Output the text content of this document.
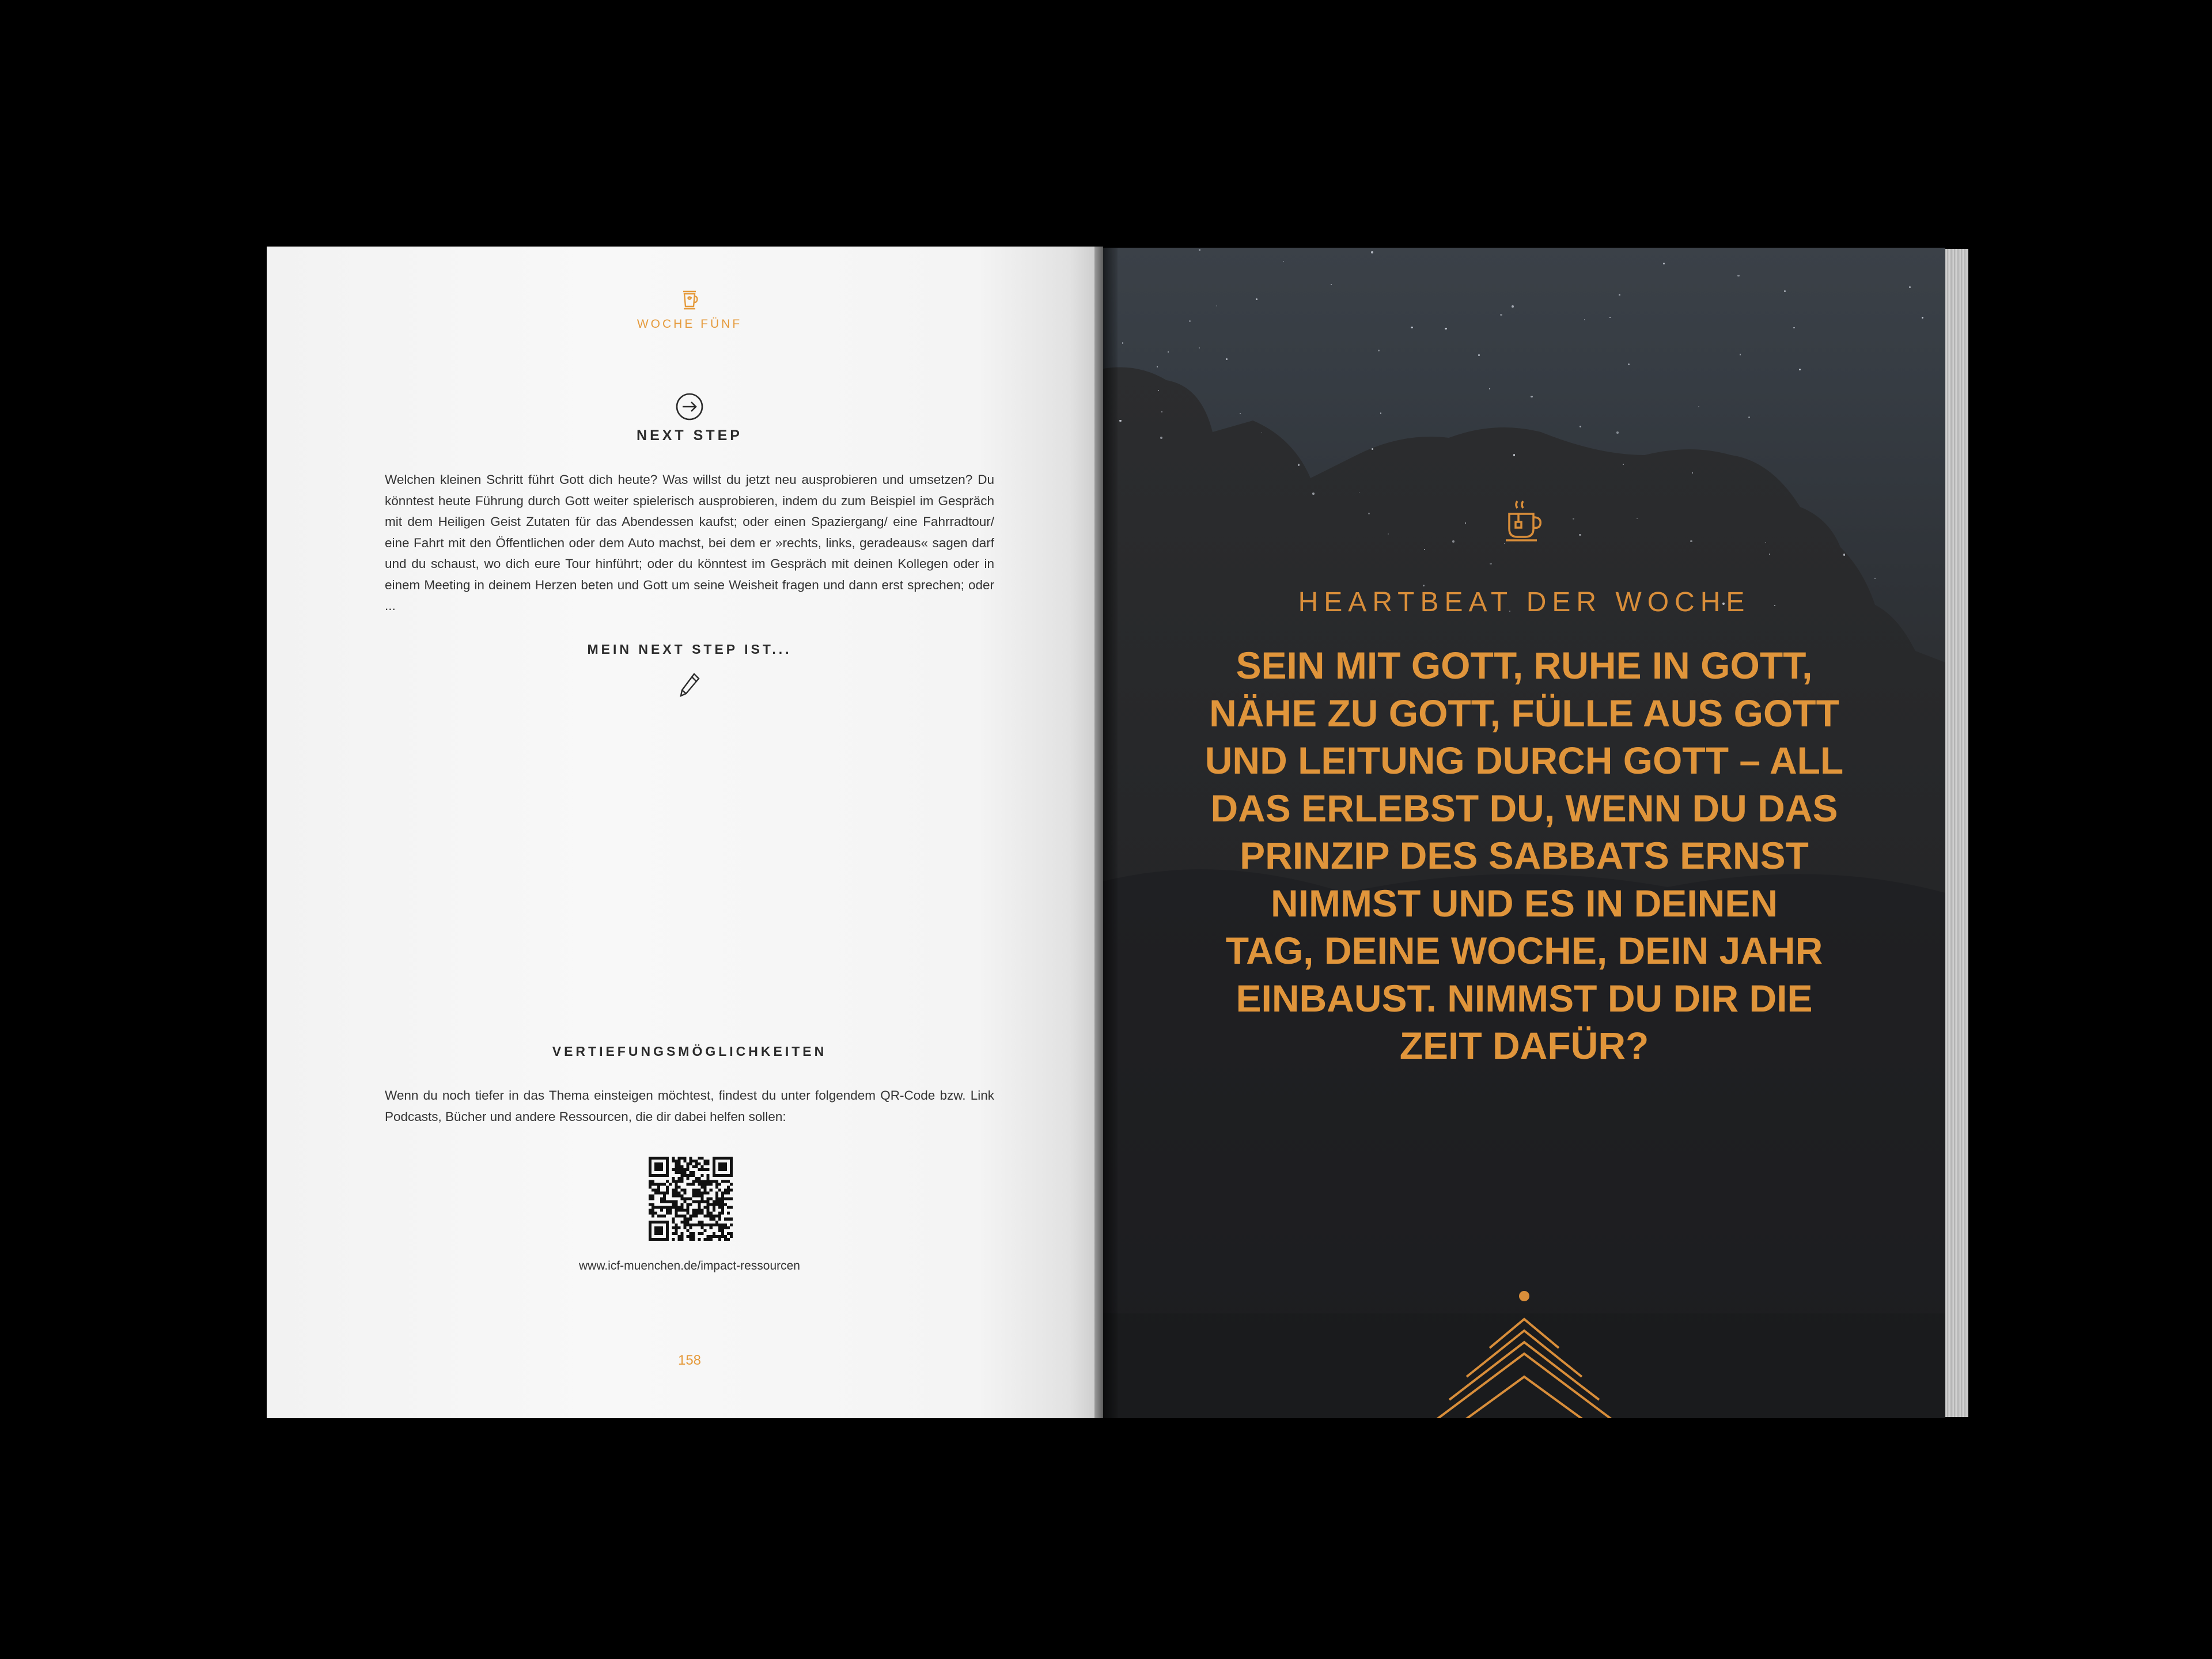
WOCHE FÜNF
NEXT STEP
Welchen kleinen Schritt führt Gott dich heute? Was willst du jetzt neu ausprobieren und umsetzen? Du könntest heute Führung durch Gott weiter spielerisch ausprobieren, indem du zum Beispiel im Gespräch mit dem Heiligen Geist Zutaten für das Abendessen kaufst; oder einen Spaziergang/ eine Fahrradtour/ eine Fahrt mit den Öffentlichen oder dem Auto machst, bei dem er »rechts, links, geradeaus« sagen darf und du schaust, wo dich eure Tour hinführt; oder du könntest im Gespräch mit deinen Kollegen oder in einem Meeting in deinem Herzen beten und Gott um seine Weisheit fragen und dann erst sprechen; oder ...
MEIN NEXT STEP IST...
VERTIEFUNGSMÖGLICHKEITEN
Wenn du noch tiefer in das Thema einsteigen möchtest, findest du unter folgendem QR-Code bzw. Link Podcasts, Bücher und andere Ressourcen, die dir dabei helfen sollen:
www.icf-muenchen.de/impact-ressourcen
158
HEARTBEAT DER WOCHE
SEIN MIT GOTT, RUHE IN GOTT,
NÄHE ZU GOTT, FÜLLE AUS GOTT
UND LEITUNG DURCH GOTT – ALL
DAS ERLEBST DU, WENN DU DAS
PRINZIP DES SABBATS ERNST
NIMMST UND ES IN DEINEN
TAG, DEINE WOCHE, DEIN JAHR
EINBAUST. NIMMST DU DIR DIE
ZEIT DAFÜR?
